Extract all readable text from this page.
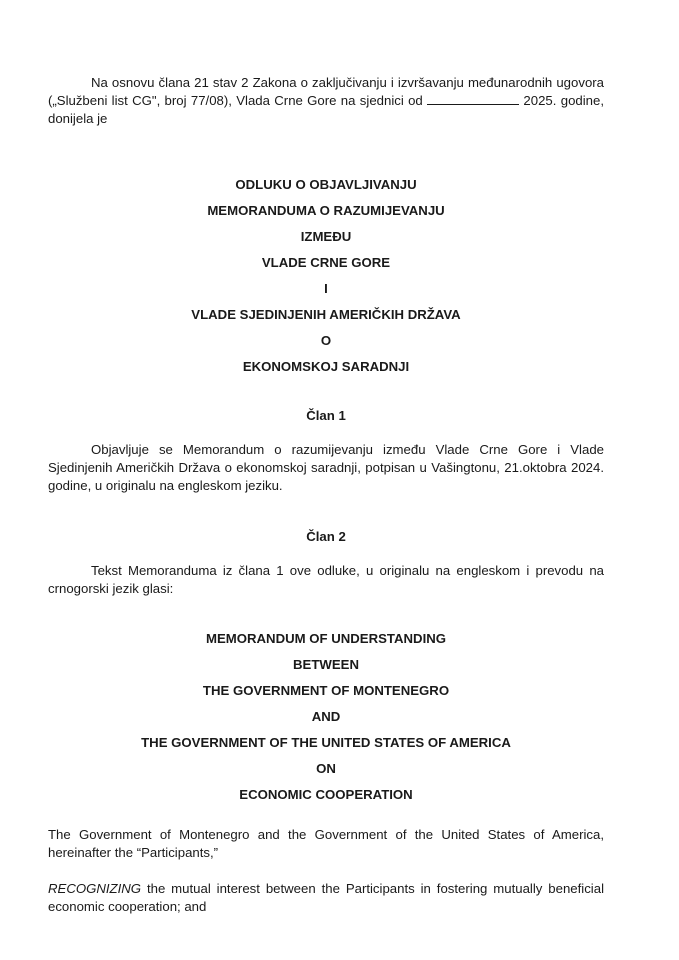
Na osnovu člana 21 stav 2 Zakona o zaključivanju i izvršavanju međunarodnih ugovora („Službeni list CG", broj 77/08), Vlada Crne Gore na sjednici od	2025. godine, donijela je
ODLUKU O OBJAVLJIVANJU
MEMORANDUMA O RAZUMIJEVANJU
IZMEĐU
VLADE CRNE GORE
I
VLADE SJEDINJENIH AMERIČKIH DRŽAVA
O
EKONOMSKOJ SARADNJI
Član 1
Objavljuje se Memorandum o razumijevanju između Vlade Crne Gore i Vlade Sjedinjenih Američkih Država o ekonomskoj saradnji, potpisan u Vašingtonu, 21.oktobra 2024. godine, u originalu na engleskom jeziku.
Član 2
Tekst Memoranduma iz člana 1 ove odluke, u originalu na engleskom i prevodu na crnogorski jezik glasi:
MEMORANDUM OF UNDERSTANDING
BETWEEN
THE GOVERNMENT OF MONTENEGRO
AND
THE GOVERNMENT OF THE UNITED STATES OF AMERICA
ON
ECONOMIC COOPERATION
The Government of Montenegro and the Government of the United States of America, hereinafter the “Participants,”
RECOGNIZING the mutual interest between the Participants in fostering mutually beneficial economic cooperation; and
